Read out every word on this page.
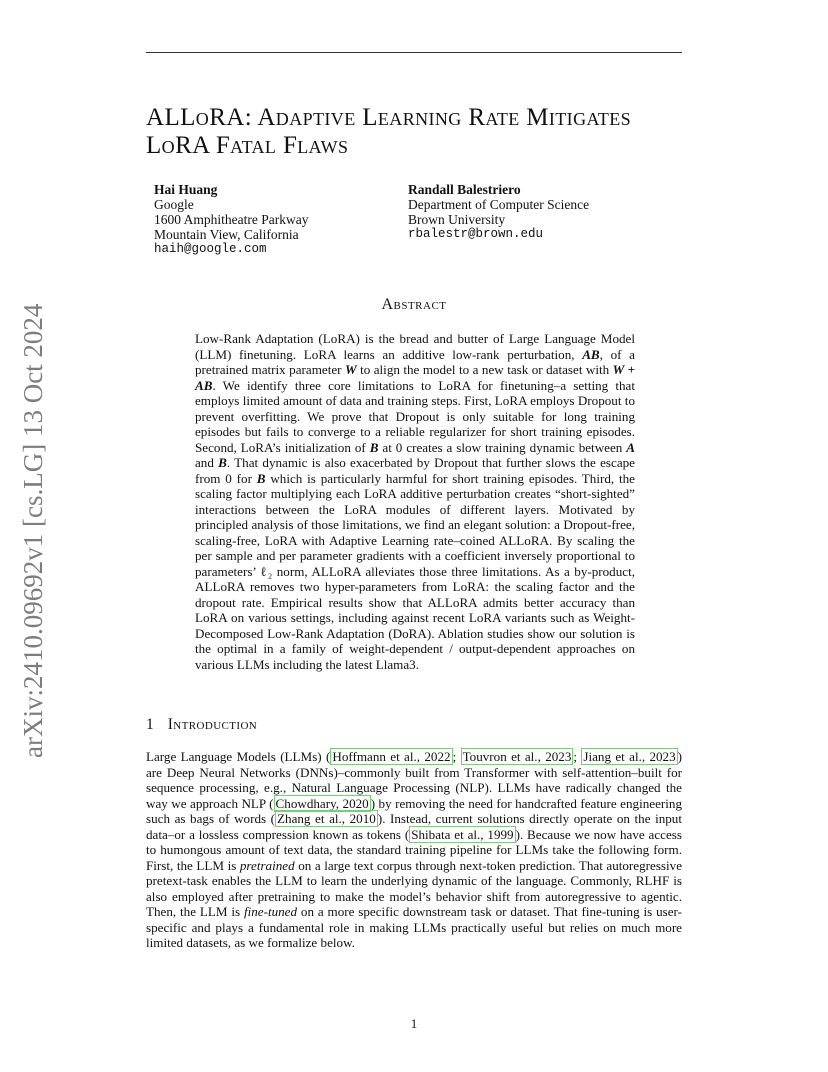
arXiv:2410.09692v1 [cs.LG] 13 Oct 2024
ALLoRA: Adaptive Learning Rate Mitigates
LoRA Fatal Flaws
Hai Huang
Google
1600 Amphitheatre Parkway
Mountain View, California
haih@google.com
Randall Balestriero
Department of Computer Science
Brown University
rbalestr@brown.edu
Abstract

Low-Rank Adaptation (LoRA) is the bread and butter of Large Language Model (LLM) finetuning. LoRA learns an additive low-rank perturbation, AB, of a pretrained matrix parameter W to align the model to a new task or dataset with W + AB. We identify three core limitations to LoRA for finetuning–a setting that employs limited amount of data and training steps. First, LoRA employs Dropout to prevent overfitting. We prove that Dropout is only suitable for long training episodes but fails to converge to a reliable regularizer for short training episodes. Second, LoRA’s initialization of B at 0 creates a slow training dynamic between A and B. That dynamic is also exacerbated by Dropout that further slows the escape from 0 for B which is particularly harmful for short training episodes. Third, the scaling factor multiplying each LoRA additive perturbation creates “short-sighted” interactions between the LoRA modules of different layers. Motivated by principled analysis of those limitations, we find an elegant solution: a Dropout-free, scaling-free, LoRA with Adaptive Learning rate–coined ALLoRA. By scaling the per sample and per parameter gradients with a coefficient inversely proportional to parameters’ ℓ₂ norm, ALLoRA alleviates those three limitations. As a by-product, ALLoRA removes two hyper-parameters from LoRA: the scaling factor and the dropout rate. Empirical results show that ALLoRA admits better accuracy than LoRA on various settings, including against recent LoRA variants such as Weight-Decomposed Low-Rank Adaptation (DoRA). Ablation studies show our solution is the optimal in a family of weight-dependent / output-dependent approaches on various LLMs including the latest Llama3.

1 Introduction

Large Language Models (LLMs) ( Hoffmann et al., 2022 ; Touvron et al., 2023 ; Jiang et al., 2023 ) are Deep Neural Networks (DNNs)–commonly built from Transformer with self-attention–built for sequence processing, e.g., Natural Language Processing (NLP). LLMs have radically changed the way we approach NLP ( Chowdhary, 2020 ) by removing the need for handcrafted feature engineering such as bags of words ( Zhang et al., 2010 ). Instead, current solutions directly operate on the input data–or a lossless compression known as tokens ( Shibata et al., 1999 ). Because we now have access to humongous amount of text data, the standard training pipeline for LLMs take the following form. First, the LLM is pretrained on a large text corpus through next-token prediction. That autoregressive pretext-task enables the LLM to learn the underlying dynamic of the language. Commonly, RLHF is also employed after pretraining to make the model’s behavior shift from autoregressive to agentic. Then, the LLM is fine-tuned on a more specific downstream task or dataset. That fine-tuning is user-specific and plays a fundamental role in making LLMs practically useful but relies on much more limited datasets, as we formalize below.

1
